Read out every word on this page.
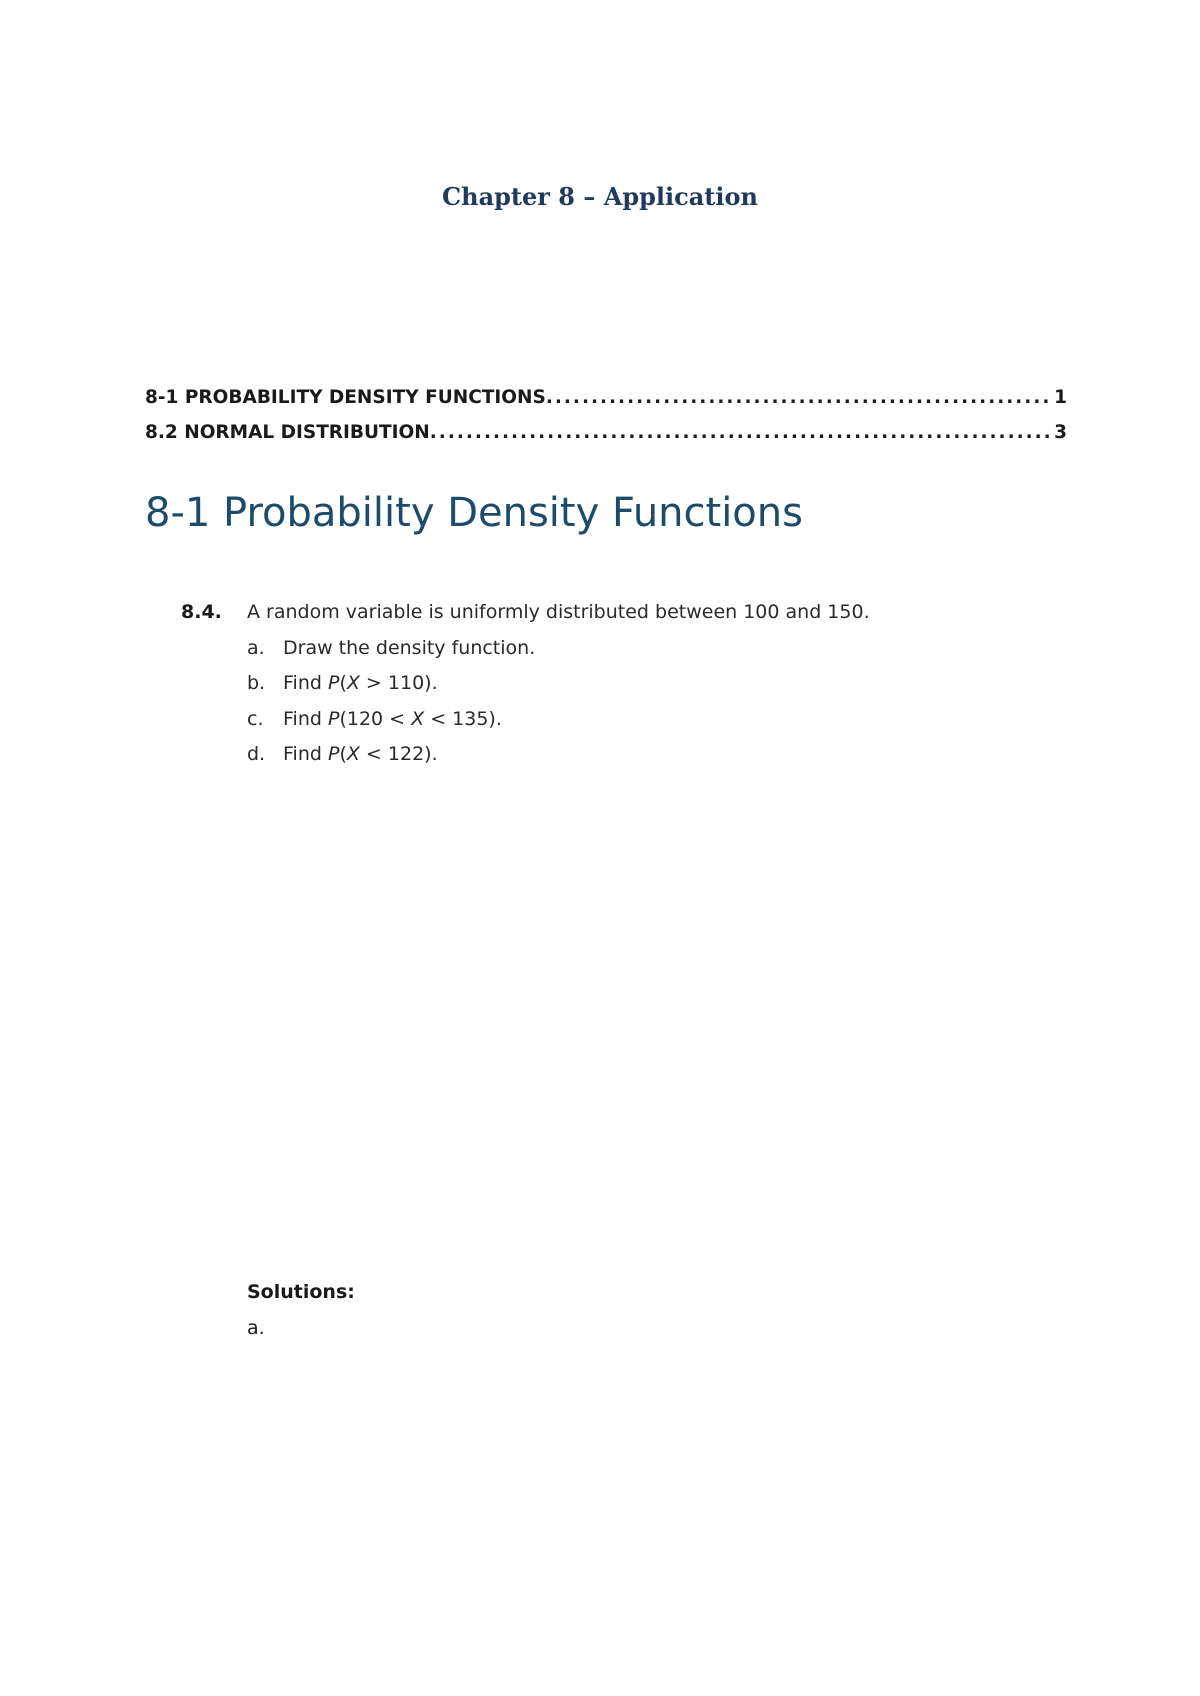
Chapter 8 – Application
8-1 PROBABILITY DENSITY FUNCTIONS .....	1
8.2 NORMAL DISTRIBUTION .....	3
8-1 Probability Density Functions
8.4.	A random variable is uniformly distributed between 100 and 150.
a. Draw the density function.
b. Find P(X > 110).
c.	Find P(120 < X < 135).
d. Find P(X < 122).
Solutions:
a.
